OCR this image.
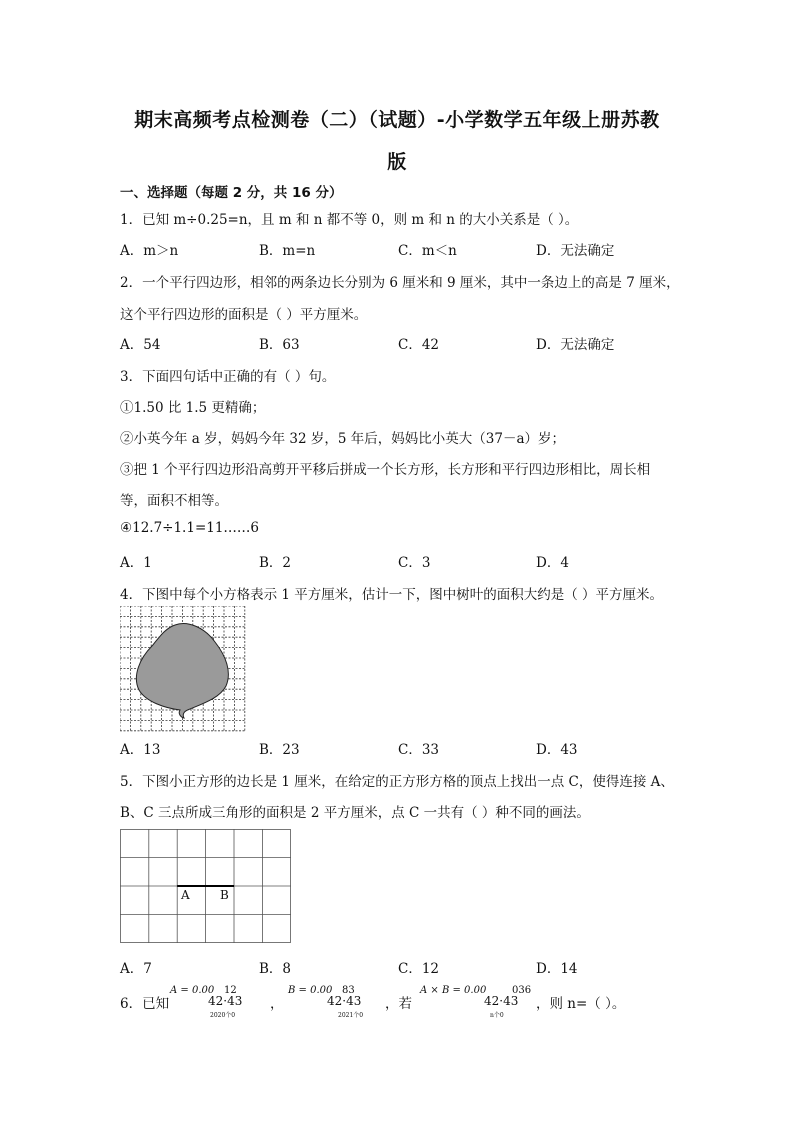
期末高频考点检测卷（二）（试题）-小学数学五年级上册苏教
版
一、选择题（每题 2 分，共 16 分）
1．已知 m÷0.25=n，且 m 和 n 都不等 0，则 m 和 n 的大小关系是（ ）。
A．m＞n	B．m=n	C．m＜n	D．无法确定
2．一个平行四边形，相邻的两条边长分别为 6 厘米和 9 厘米，其中一条边上的高是 7 厘米，
这个平行四边形的面积是（ ）平方厘米。
A．54	B．63	C．42	D．无法确定
3．下面四句话中正确的有（ ）句。
①1.50 比 1.5 更精确；
②小英今年 a 岁，妈妈今年 32 岁，5 年后，妈妈比小英大（37－a）岁；
③把 1 个平行四边形沿高剪开平移后拼成一个长方形，长方形和平行四边形相比，周长相
等，面积不相等。
④12.7÷1.1=11……6
A．1	B．2	C．3	D．4
4．下图中每个小方格表示 1 平方厘米，估计一下，图中树叶的面积大约是（ ）平方厘米。
A．13	B．23	C．33	D．43
5．下图小正方形的边长是 1 厘米，在给定的正方形方格的顶点上找出一点 C，使得连接 A、
B、C 三点所成三角形的面积是 2 平方厘米，点 C 一共有（ ）种不同的画法。
A	B
A．7	B．8	C．12	D．14
6．已知
A = 0.00 12
42·43
2020个0
，
B = 0.00 83
42·43
2021个0
，若
A × B = 0.00	036
42·43
n个0
，则 n=（ ）。
